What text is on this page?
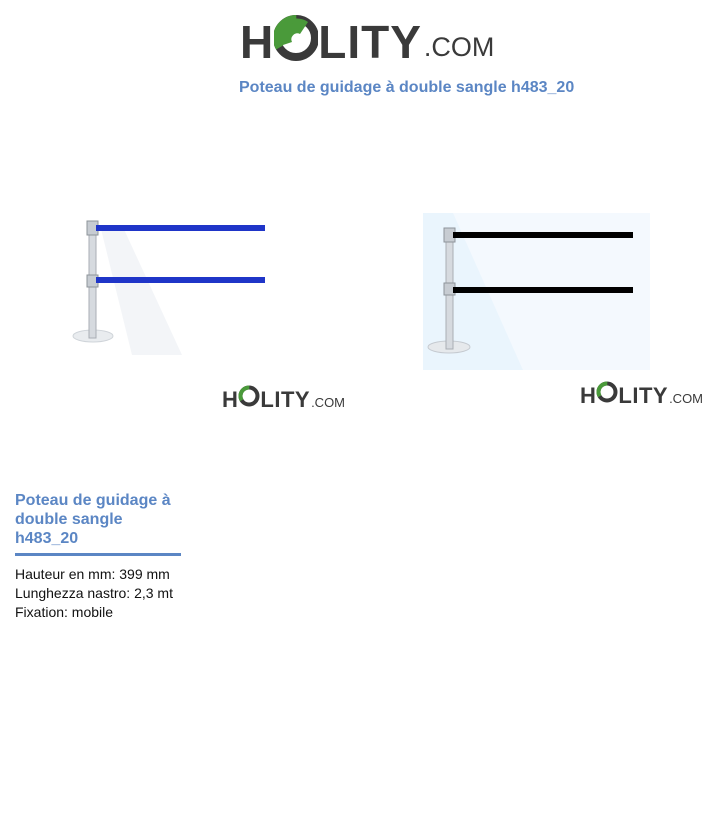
H LITY .COM
Poteau de guidage à double sangle h483_20
H LITY .COM	H LITY .COM
Poteau de guidage à double sangle h483_20
Hauteur en mm: 399 mm
Lunghezza nastro: 2,3 mt
Fixation: mobile
